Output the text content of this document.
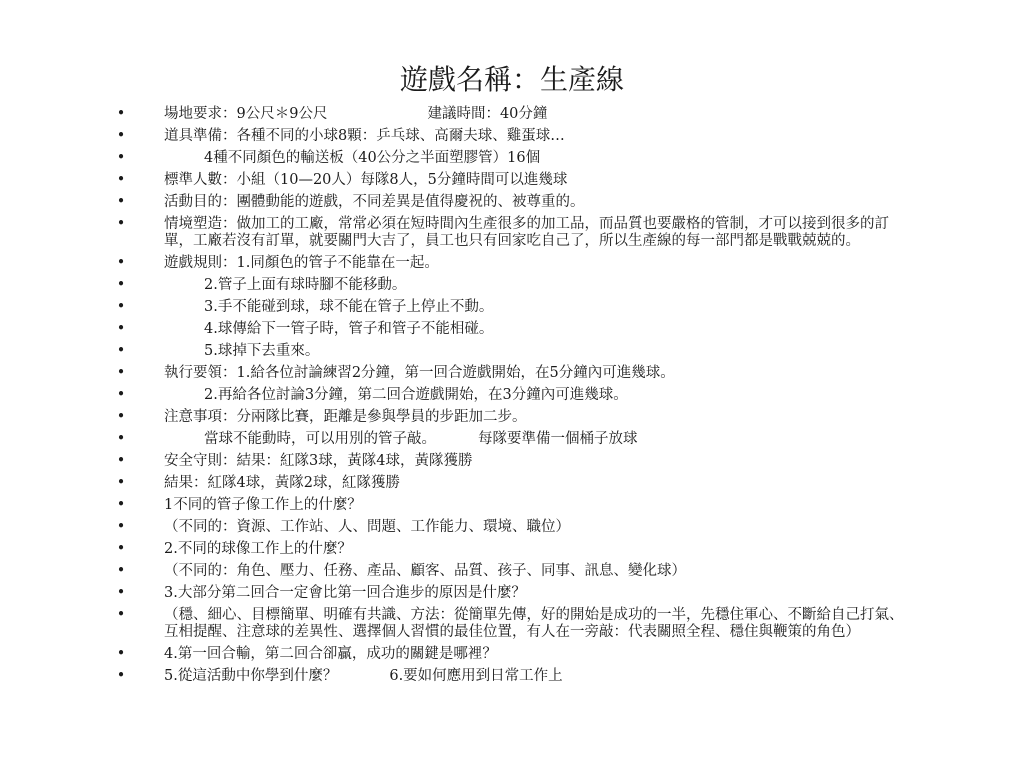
遊戲名稱：生產線
•	場地要求：9公尺＊9公尺	建議時間：40分鐘
•	道具準備：各種不同的小球8顆：乒乓球、高爾夫球、雞蛋球…
•	4種不同顏色的輸送板（40公分之半面塑膠管）16個
•	標準人數：小組（10—20人）每隊8人，5分鐘時間可以進幾球
•	活動目的：團體動能的遊戲，不同差異是值得慶祝的、被尊重的。
•	情境塑造：做加工的工廠，常常必須在短時間內生產很多的加工品，而品質也要嚴格的管制，才可以接到很多的訂單，工廠若沒有訂單，就要關門大吉了，員工也只有回家吃自己了，所以生產線的每一部門都是戰戰兢兢的。
•	遊戲規則：1.同顏色的管子不能靠在一起。
•	2.管子上面有球時腳不能移動。
•	3.手不能碰到球，球不能在管子上停止不動。
•	4.球傳給下一管子時，管子和管子不能相碰。
•	5.球掉下去重來。
•	執行要領：1.給各位討論練習2分鐘，第一回合遊戲開始，在5分鐘內可進幾球。
•	2.再給各位討論3分鐘，第二回合遊戲開始，在3分鐘內可進幾球。
•	注意事項：分兩隊比賽，距離是參與學員的步距加二步。
•	當球不能動時，可以用別的管子敲。	每隊要準備一個桶子放球
•	安全守則：結果：紅隊3球，黃隊4球，黃隊獲勝
•	結果：紅隊4球，黃隊2球，紅隊獲勝
•	1不同的管子像工作上的什麼？
•	（不同的：資源、工作站、人、問題、工作能力、環境、職位）
•	2.不同的球像工作上的什麼？
•	（不同的：角色、壓力、任務、產品、顧客、品質、孩子、同事、訊息、變化球）
•	3.大部分第二回合一定會比第一回合進步的原因是什麼？
•	（穩、細心、目標簡單、明確有共識、方法：從簡單先傳，好的開始是成功的一半，先穩住軍心、不斷給自己打氣、互相提醒、注意球的差異性、選擇個人習慣的最佳位置，有人在一旁敲：代表關照全程、穩住與鞭策的角色）
•	4.第一回合輸，第二回合卻贏，成功的關鍵是哪裡？
•	5.從這活動中你學到什麼？	6.要如何應用到日常工作上
